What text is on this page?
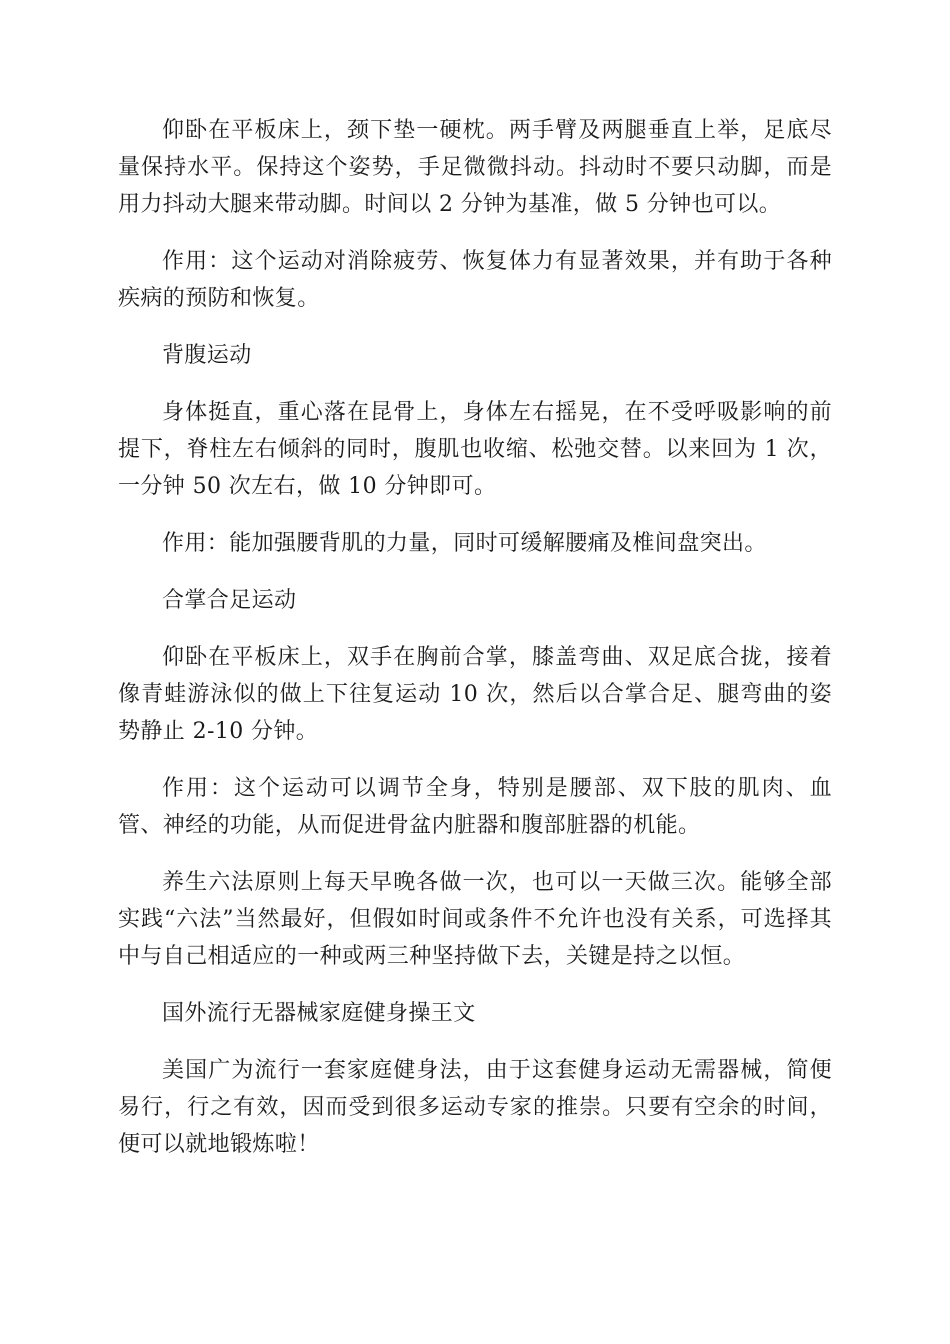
仰卧在平板床上，颈下垫一硬枕。两手臂及两腿垂直上举，足底尽量保持水平。保持这个姿势，手足微微抖动。抖动时不要只动脚，而是用力抖动大腿来带动脚。时间以 2 分钟为基准，做 5 分钟也可以。

作用：这个运动对消除疲劳、恢复体力有显著效果，并有助于各种疾病的预防和恢复。

背腹运动

身体挺直，重心落在昆骨上，身体左右摇晃，在不受呼吸影响的前提下，脊柱左右倾斜的同时，腹肌也收缩、松弛交替。以来回为 1 次，一分钟 50 次左右，做 10 分钟即可。

作用：能加强腰背肌的力量，同时可缓解腰痛及椎间盘突出。

合掌合足运动

仰卧在平板床上，双手在胸前合掌，膝盖弯曲、双足底合拢，接着像青蛙游泳似的做上下往复运动 10 次，然后以合掌合足、腿弯曲的姿势静止 2-10 分钟。

作用：这个运动可以调节全身，特别是腰部、双下肢的肌肉、血管、神经的功能，从而促进骨盆内脏器和腹部脏器的机能。

养生六法原则上每天早晚各做一次，也可以一天做三次。能够全部实践“六法”当然最好，但假如时间或条件不允许也没有关系，可选择其中与自己相适应的一种或两三种坚持做下去，关键是持之以恒。

国外流行无器械家庭健身操王文

美国广为流行一套家庭健身法，由于这套健身运动无需器械，简便易行，行之有效，因而受到很多运动专家的推崇。只要有空余的时间，便可以就地锻炼啦！
